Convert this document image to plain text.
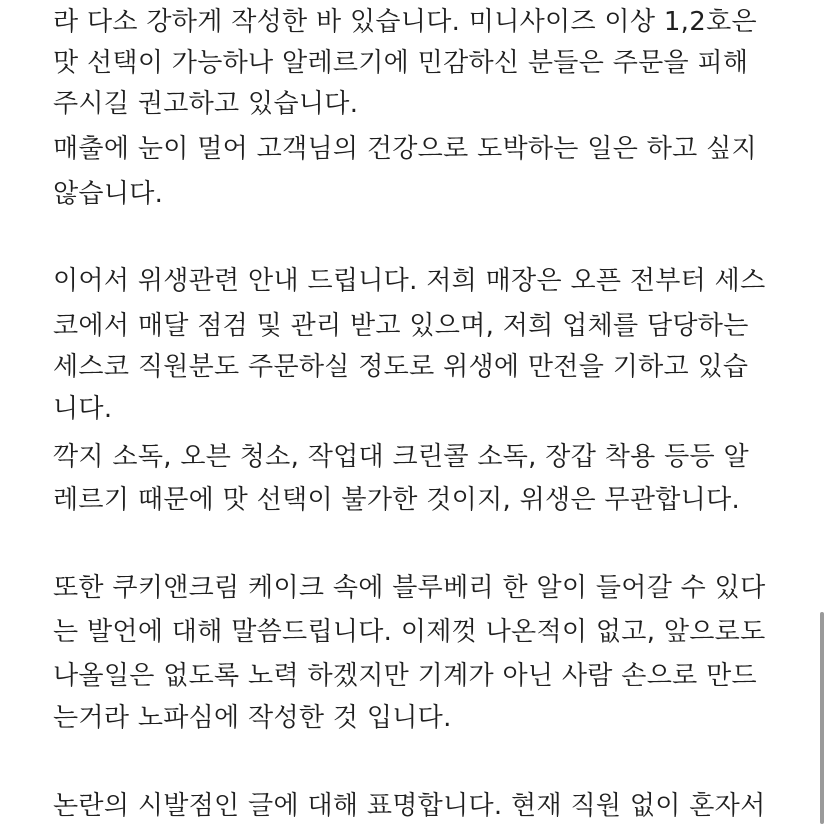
라 다소 강하게 작성한 바 있습니다. 미니사이즈 이상 1,2호은
맛 선택이 가능하나 알레르기에 민감하신 분들은 주문을 피해
주시길 권고하고 있습니다.
매출에 눈이 멀어 고객님의 건강으로 도박하는 일은 하고 싶지
않습니다.
이어서 위생관련 안내 드립니다. 저희 매장은 오픈 전부터 세스
코에서 매달 점검 및 관리 받고 있으며, 저희 업체를 담당하는
세스코 직원분도 주문하실 정도로 위생에 만전을 기하고 있습
니다.
깍지 소독, 오븐 청소, 작업대 크린콜 소독, 장갑 착용 등등 알
레르기 때문에 맛 선택이 불가한 것이지, 위생은 무관합니다.
또한 쿠키앤크림 케이크 속에 블루베리 한 알이 들어갈 수 있다
는 발언에 대해 말씀드립니다. 이제껏 나온적이 없고, 앞으로도
나올일은 없도록 노력 하겠지만 기계가 아닌 사람 손으로 만드
는거라 노파심에 작성한 것 입니다.
논란의 시발점인 글에 대해 표명합니다. 현재 직원 없이 혼자서
